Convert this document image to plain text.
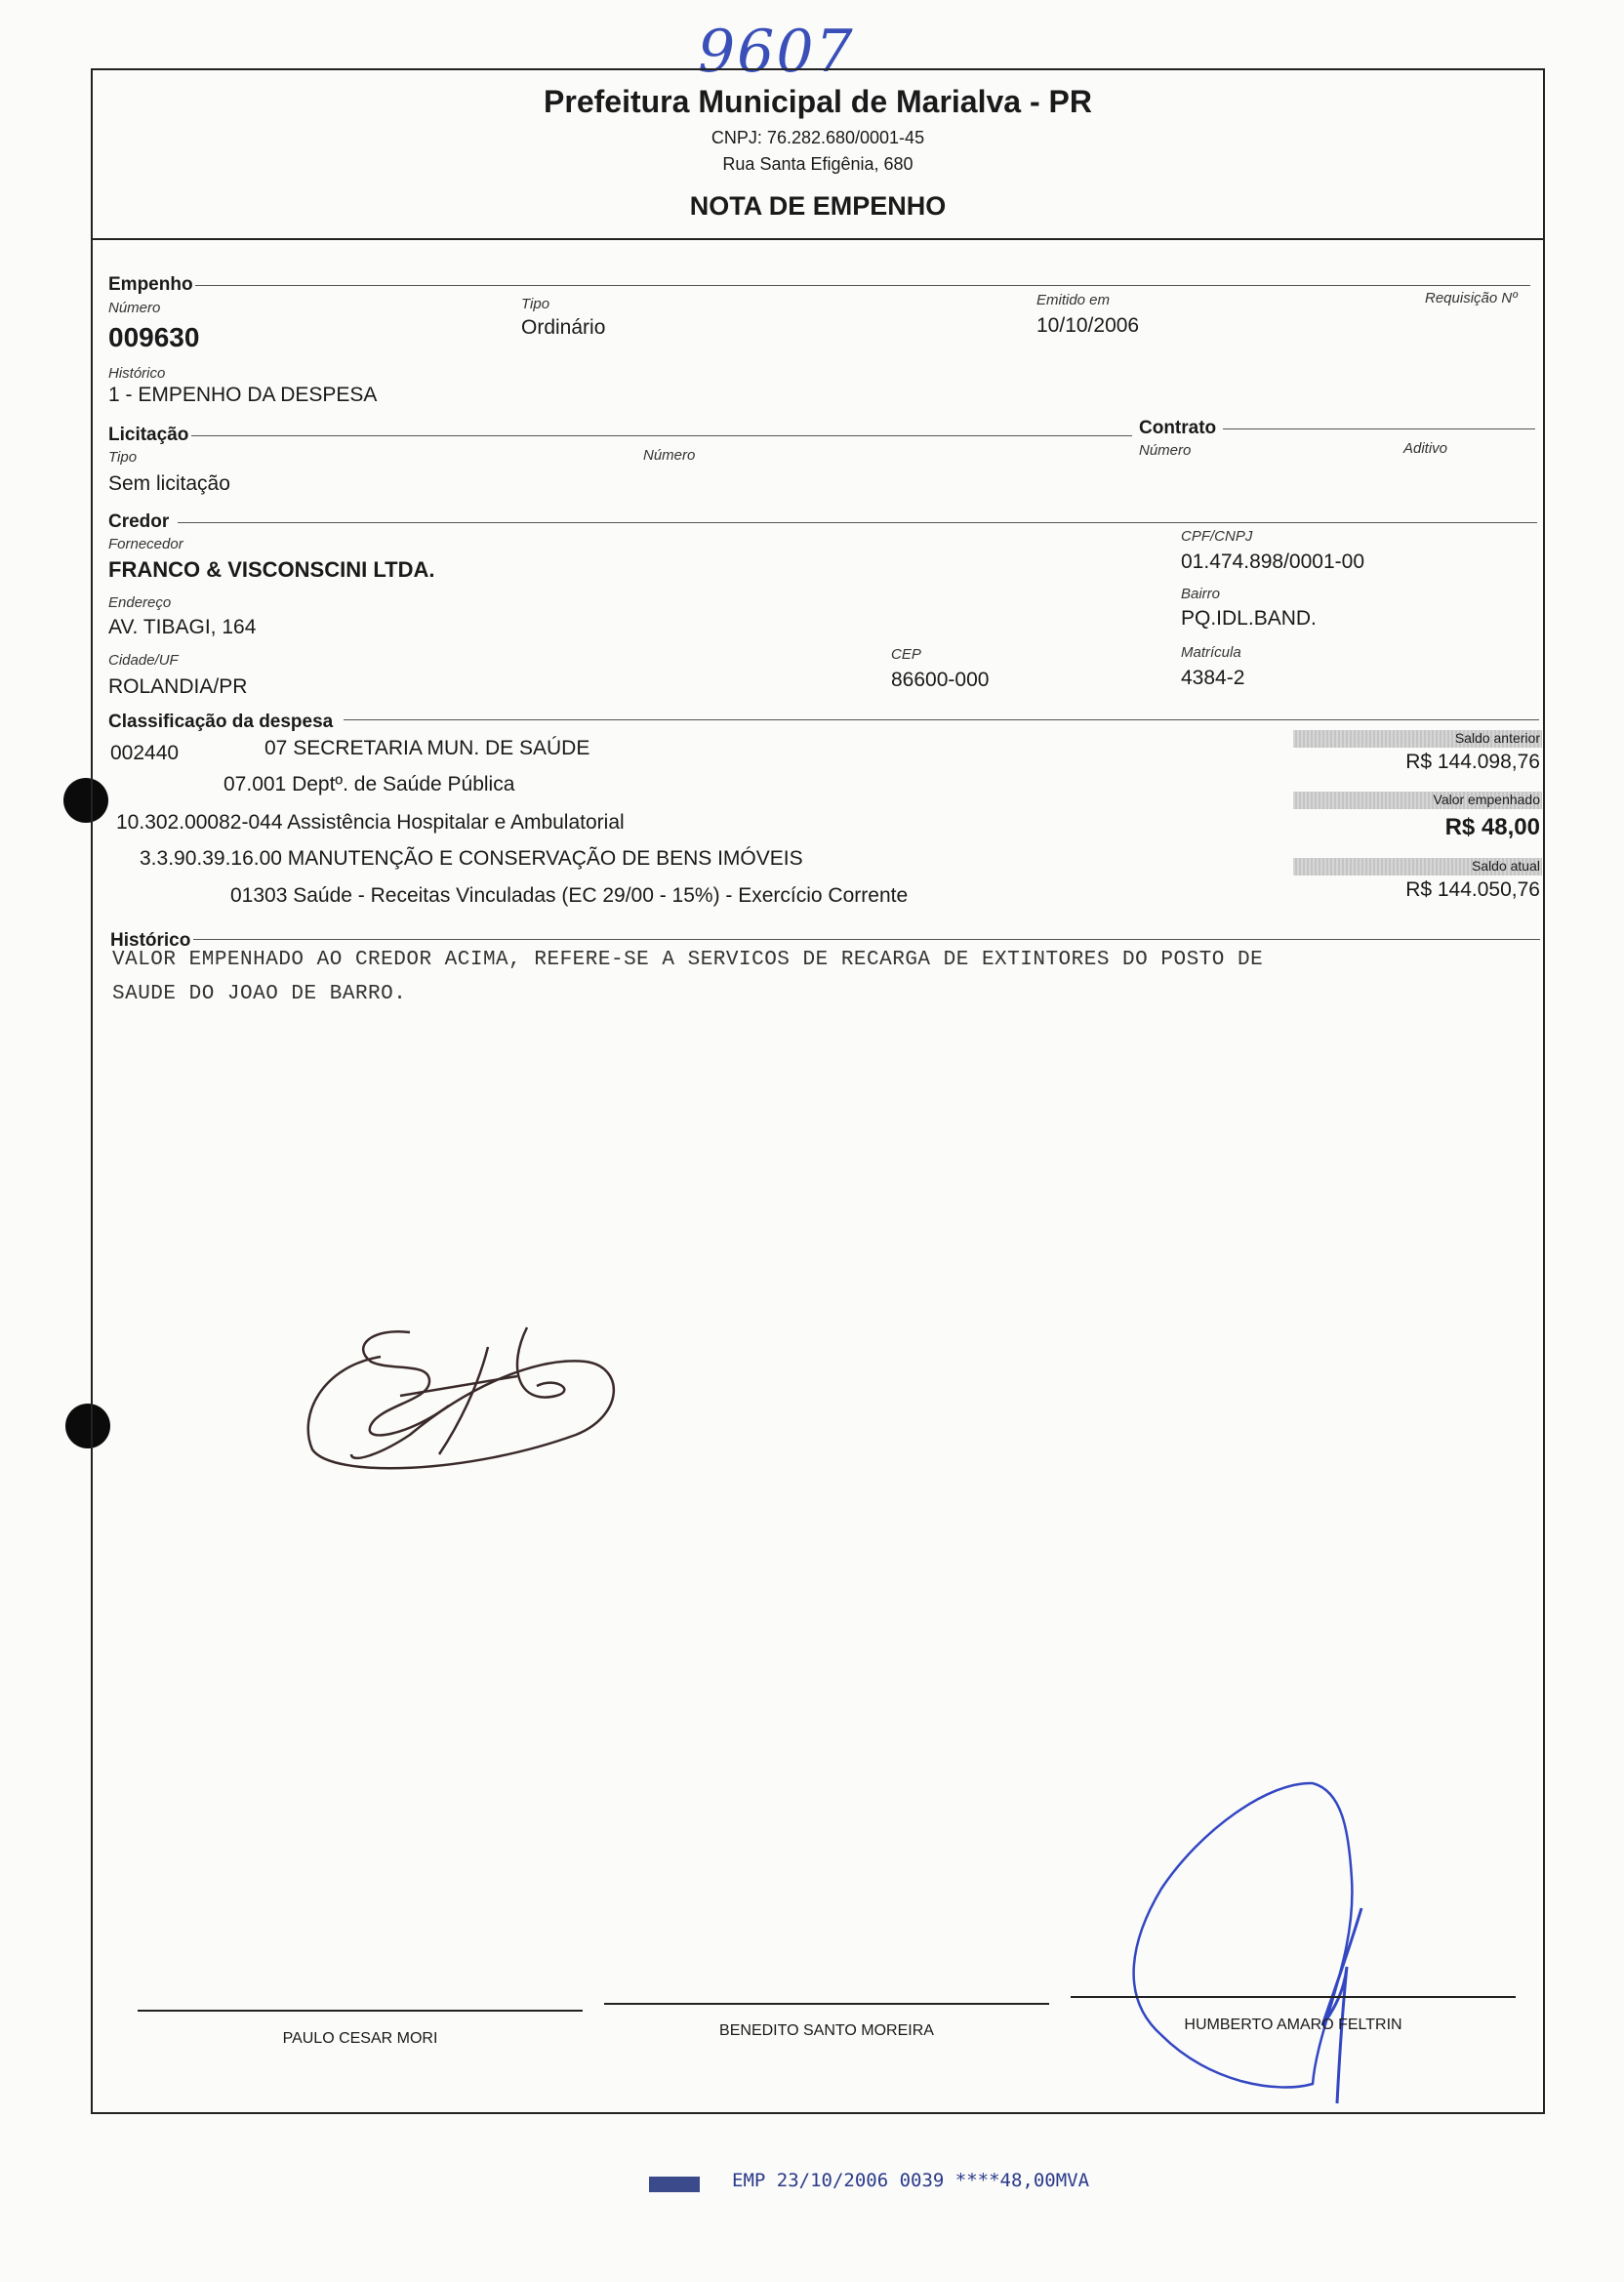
9607
Prefeitura Municipal de Marialva - PR
CNPJ: 76.282.680/0001-45
Rua Santa Efigênia, 680
NOTA DE EMPENHO
Empenho
Número
009630
Tipo
Ordinário
Emitido em
10/10/2006
Requisição Nº
Histórico
1 - EMPENHO DA DESPESA
Licitação	Contrato
Tipo
Sem licitação
Número	Número	Aditivo
Credor
Fornecedor
FRANCO & VISCONSCINI LTDA.
CPF/CNPJ
01.474.898/0001-00
Endereço
AV. TIBAGI, 164
Bairro
PQ.IDL.BAND.
Cidade/UF
ROLANDIA/PR
CEP
86600-000
Matrícula
4384-2
Classificação da despesa
002440	07 SECRETARIA MUN. DE SAÚDE
07.001 Deptº. de Saúde Pública
10.302.00082-044 Assistência Hospitalar e Ambulatorial
3.3.90.39.16.00 MANUTENÇÃO E CONSERVAÇÃO DE BENS IMÓVEIS
01303 Saúde - Receitas Vinculadas (EC 29/00 - 15%) - Exercício Corrente
Saldo anterior
R$ 144.098,76
Valor empenhado
R$ 48,00
Saldo atual
R$ 144.050,76
Histórico
VALOR EMPENHADO AO CREDOR ACIMA, REFERE-SE A SERVICOS DE RECARGA DE EXTINTORES DO POSTO DE
SAUDE DO JOAO DE BARRO.
PAULO CESAR MORI	BENEDITO SANTO MOREIRA	HUMBERTO AMARO FELTRIN
EMP 23/10/2006 0039 ****48,00MVA
